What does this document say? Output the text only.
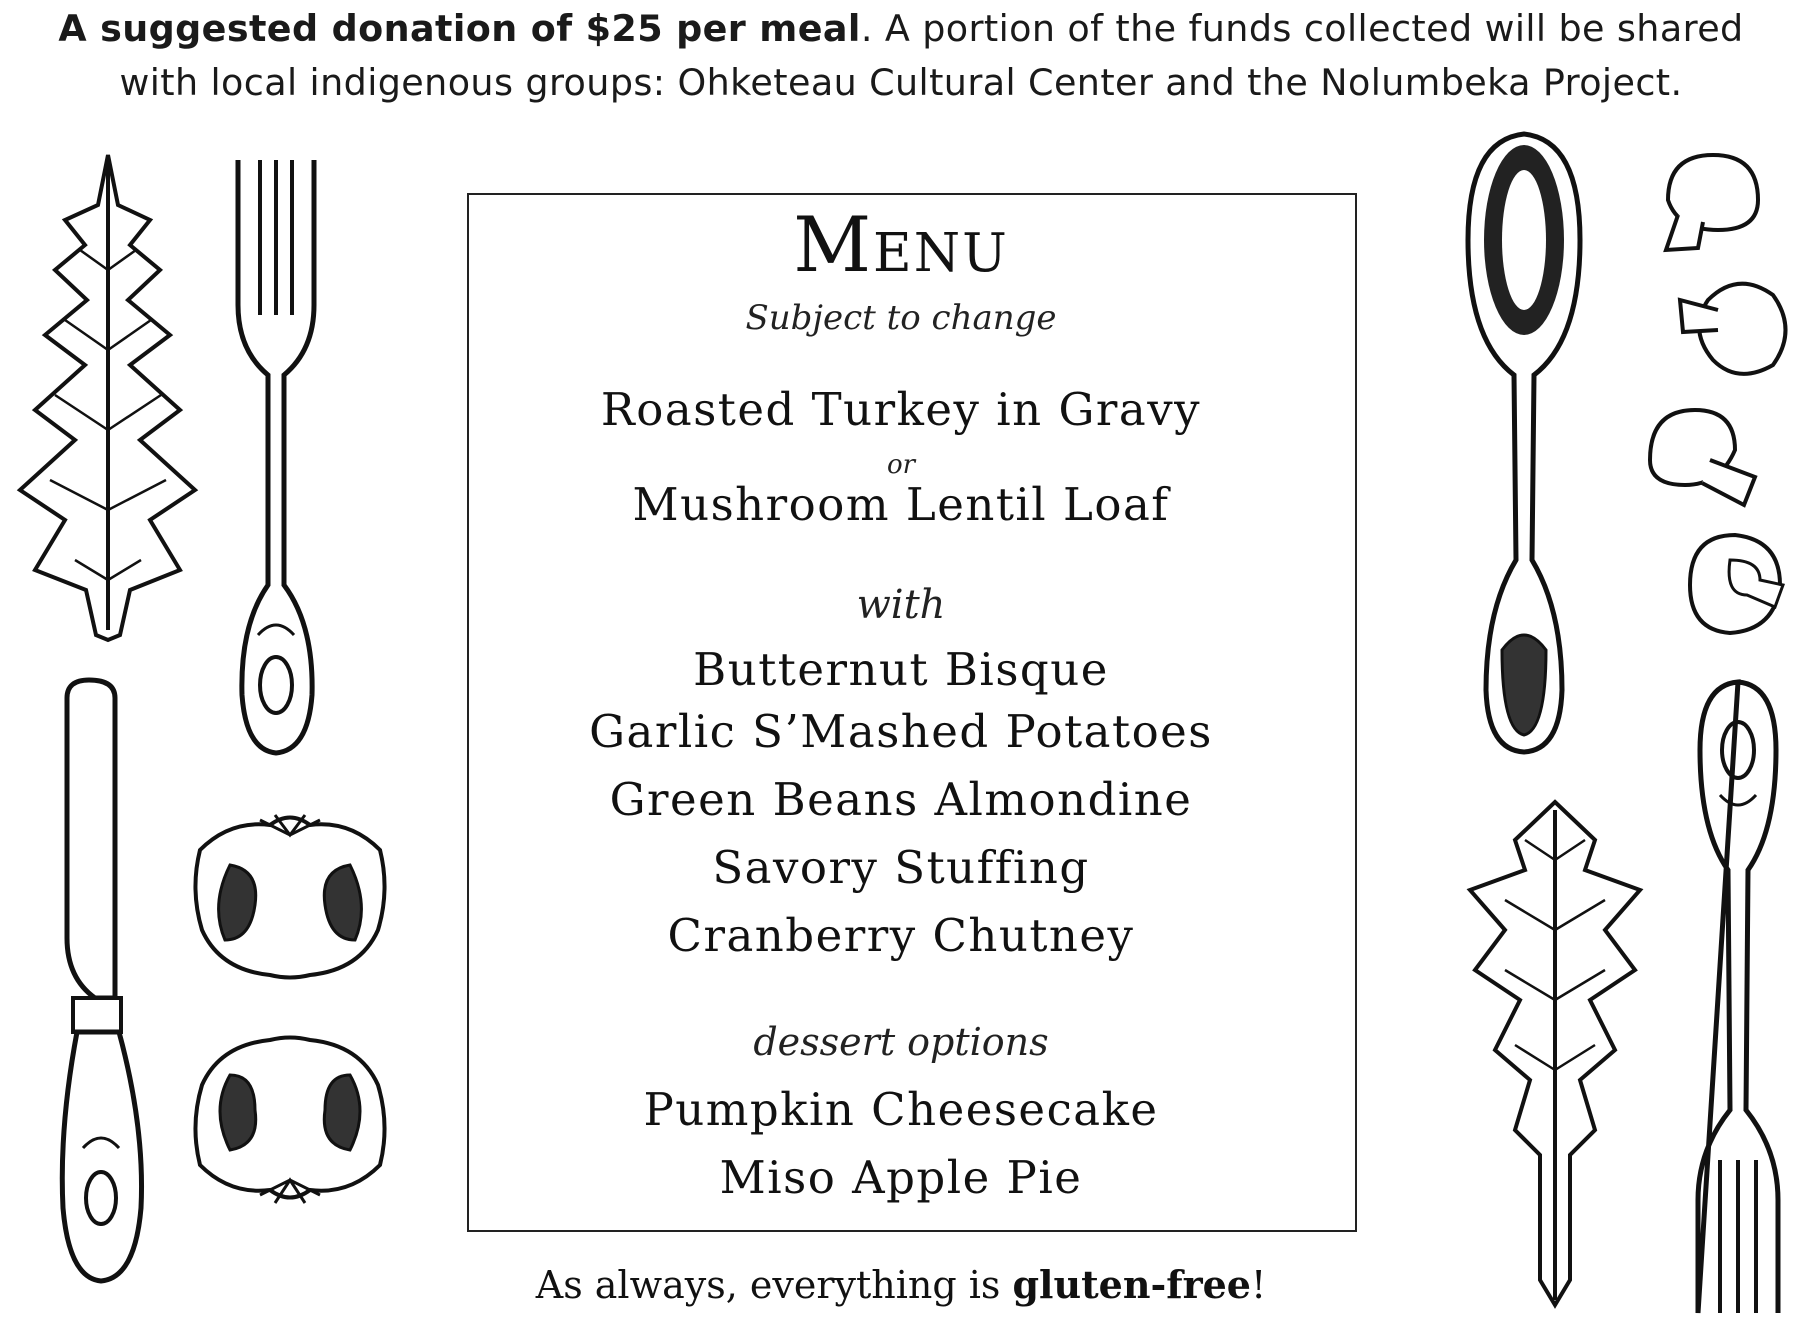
A suggested donation of $25 per meal. A portion of the funds collected will be shared
with local indigenous groups: Ohketeau Cultural Center and the Nolumbeka Project.
Menu
Subject to change
Roasted Turkey in Gravy
or
Mushroom Lentil Loaf
with
Butternut Bisque
Garlic S’Mashed Potatoes
Green Beans Almondine
Savory Stuffing
Cranberry Chutney
dessert options
Pumpkin Cheesecake
Miso Apple Pie
As always, everything is gluten-free!
